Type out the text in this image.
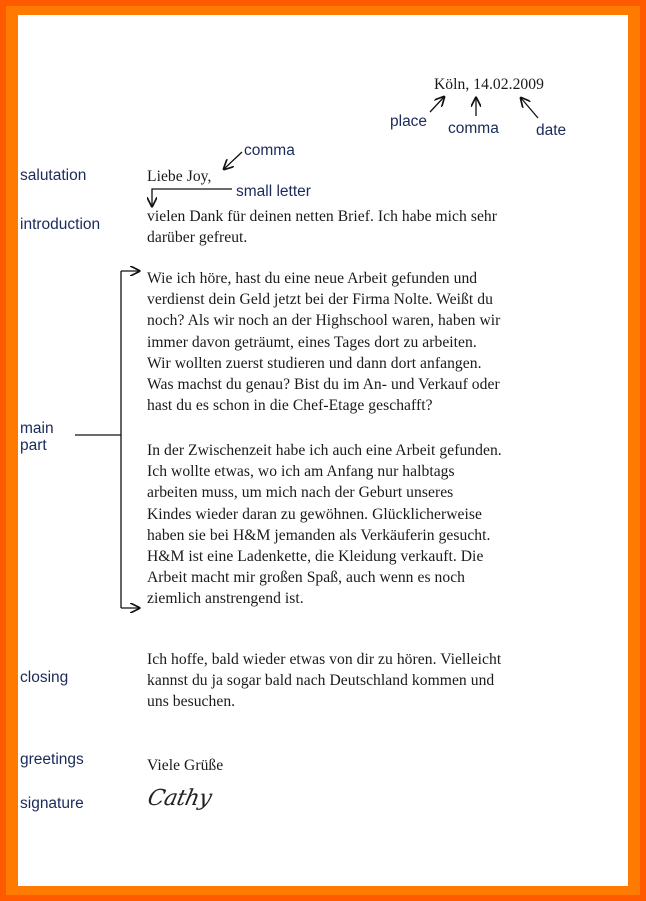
place comma date
comma
small letter
salutation
introduction
main
part
closing
greetings
signature
Köln, 14.02.2009
Liebe Joy,

vielen Dank für deinen netten Brief. Ich habe mich sehr

darüber gefreut.

Wie ich höre, hast du eine neue Arbeit gefunden und

verdienst dein Geld jetzt bei der Firma Nolte. Weißt du

noch? Als wir noch an der Highschool waren, haben wir

immer davon geträumt, eines Tages dort zu arbeiten.

Wir wollten zuerst studieren und dann dort anfangen.

Was machst du genau? Bist du im An- und Verkauf oder

hast du es schon in die Chef-Etage geschafft?

In der Zwischenzeit habe ich auch eine Arbeit gefunden.

Ich wollte etwas, wo ich am Anfang nur halbtags

arbeiten muss, um mich nach der Geburt unseres

Kindes wieder daran zu gewöhnen. Glücklicherweise

haben sie bei H&M jemanden als Verkäuferin gesucht.

H&M ist eine Ladenkette, die Kleidung verkauft. Die

Arbeit macht mir großen Spaß, auch wenn es noch

ziemlich anstrengend ist.

Ich hoffe, bald wieder etwas von dir zu hören. Vielleicht

kannst du ja sogar bald nach Deutschland kommen und

uns besuchen.

Viele Grüße
Cathy
